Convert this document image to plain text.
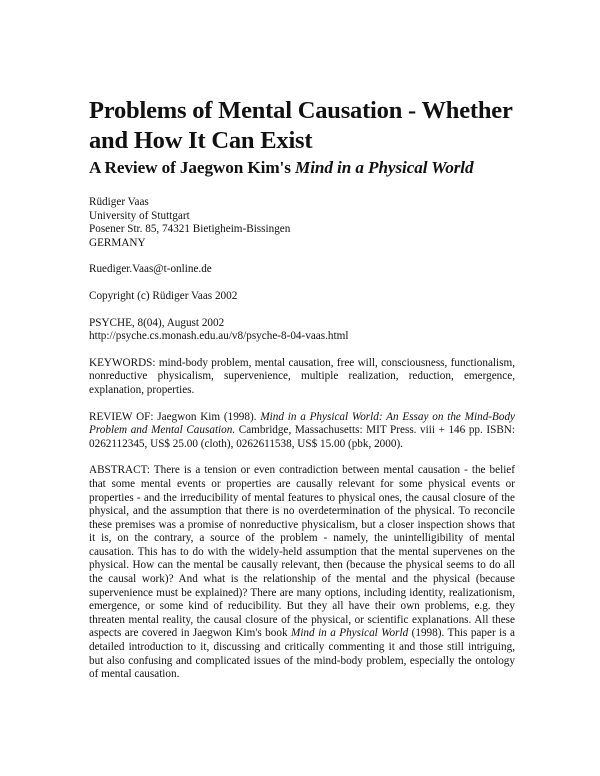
Problems of Mental Causation - Whether
and How It Can Exist
A Review of Jaegwon Kim's Mind in a Physical World

Rüdiger Vaas
University of Stuttgart
Posener Str. 85, 74321 Bietigheim-Bissingen
GERMANY

Ruediger.Vaas@t-online.de

Copyright (c) Rüdiger Vaas 2002

PSYCHE, 8(04), August 2002
http://psyche.cs.monash.edu.au/v8/psyche-8-04-vaas.html

KEYWORDS: mind-body problem, mental causation, free will, consciousness, functionalism, nonreductive physicalism, supervenience, multiple realization, reduction, emergence, explanation, properties.

REVIEW OF: Jaegwon Kim (1998). Mind in a Physical World: An Essay on the Mind-Body Problem and Mental Causation. Cambridge, Massachusetts: MIT Press. viii + 146 pp. ISBN: 0262112345, US$ 25.00 (cloth), 0262611538, US$ 15.00 (pbk, 2000).

ABSTRACT: There is a tension or even contradiction between mental causation - the belief that some mental events or properties are causally relevant for some physical events or properties - and the irreducibility of mental features to physical ones, the causal closure of the physical, and the assumption that there is no overdetermination of the physical. To reconcile these premises was a promise of nonreductive physicalism, but a closer inspection shows that it is, on the contrary, a source of the problem - namely, the unintelligibility of mental causation. This has to do with the widely-held assumption that the mental supervenes on the physical. How can the mental be causally relevant, then (because the physical seems to do all the causal work)? And what is the relationship of the mental and the physical (because supervenience must be explained)? There are many options, including identity, realizationism, emergence, or some kind of reducibility. But they all have their own problems, e.g. they threaten mental reality, the causal closure of the physical, or scientific explanations. All these aspects are covered in Jaegwon Kim's book Mind in a Physical World (1998). This paper is a detailed introduction to it, discussing and critically commenting it and those still intriguing, but also confusing and complicated issues of the mind-body problem, especially the ontology of mental causation.
